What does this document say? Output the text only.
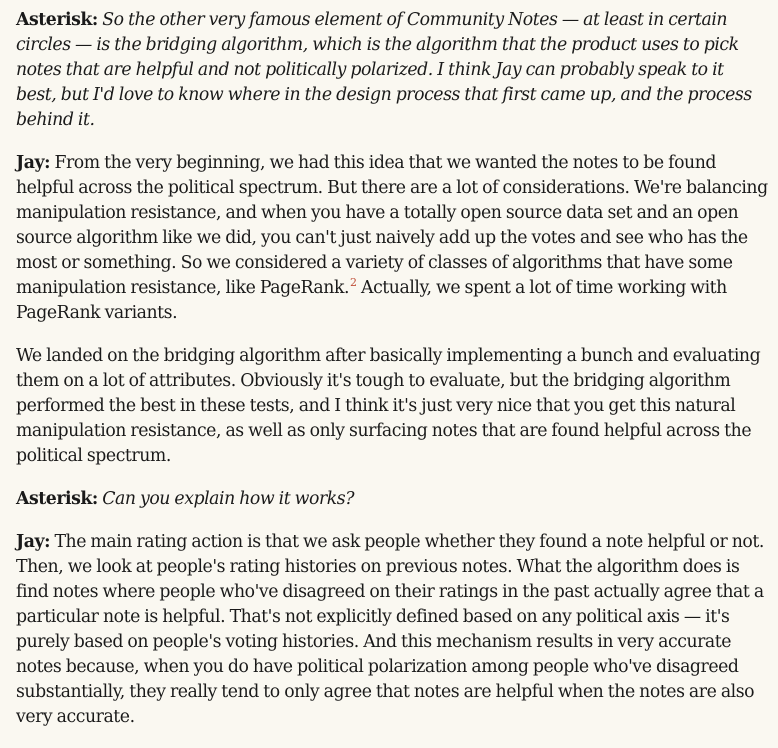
Asterisk: So the other very famous element of Community Notes — at least in certain circles — is the bridging algorithm, which is the algorithm that the product uses to pick notes that are helpful and not politically polarized. I think Jay can probably speak to it best, but I'd love to know where in the design process that first came up, and the process behind it.

Jay: From the very beginning, we had this idea that we wanted the notes to be found helpful across the political spectrum. But there are a lot of considerations. We're balancing manipulation resistance, and when you have a totally open source data set and an open source algorithm like we did, you can't just naively add up the votes and see who has the most or something. So we considered a variety of classes of algorithms that have some manipulation resistance, like PageRank.$^2$ Actually, we spent a lot of time working with PageRank variants.

We landed on the bridging algorithm after basically implementing a bunch and evaluating them on a lot of attributes. Obviously it's tough to evaluate, but the bridging algorithm performed the best in these tests, and I think it's just very nice that you get this natural manipulation resistance, as well as only surfacing notes that are found helpful across the political spectrum.

Asterisk: Can you explain how it works?

Jay: The main rating action is that we ask people whether they found a note helpful or not. Then, we look at people's rating histories on previous notes. What the algorithm does is find notes where people who've disagreed on their ratings in the past actually agree that a particular note is helpful. That's not explicitly defined based on any political axis — it's purely based on people's voting histories. And this mechanism results in very accurate notes because, when you do have political polarization among people who've disagreed substantially, they really tend to only agree that notes are helpful when the notes are also very accurate.
